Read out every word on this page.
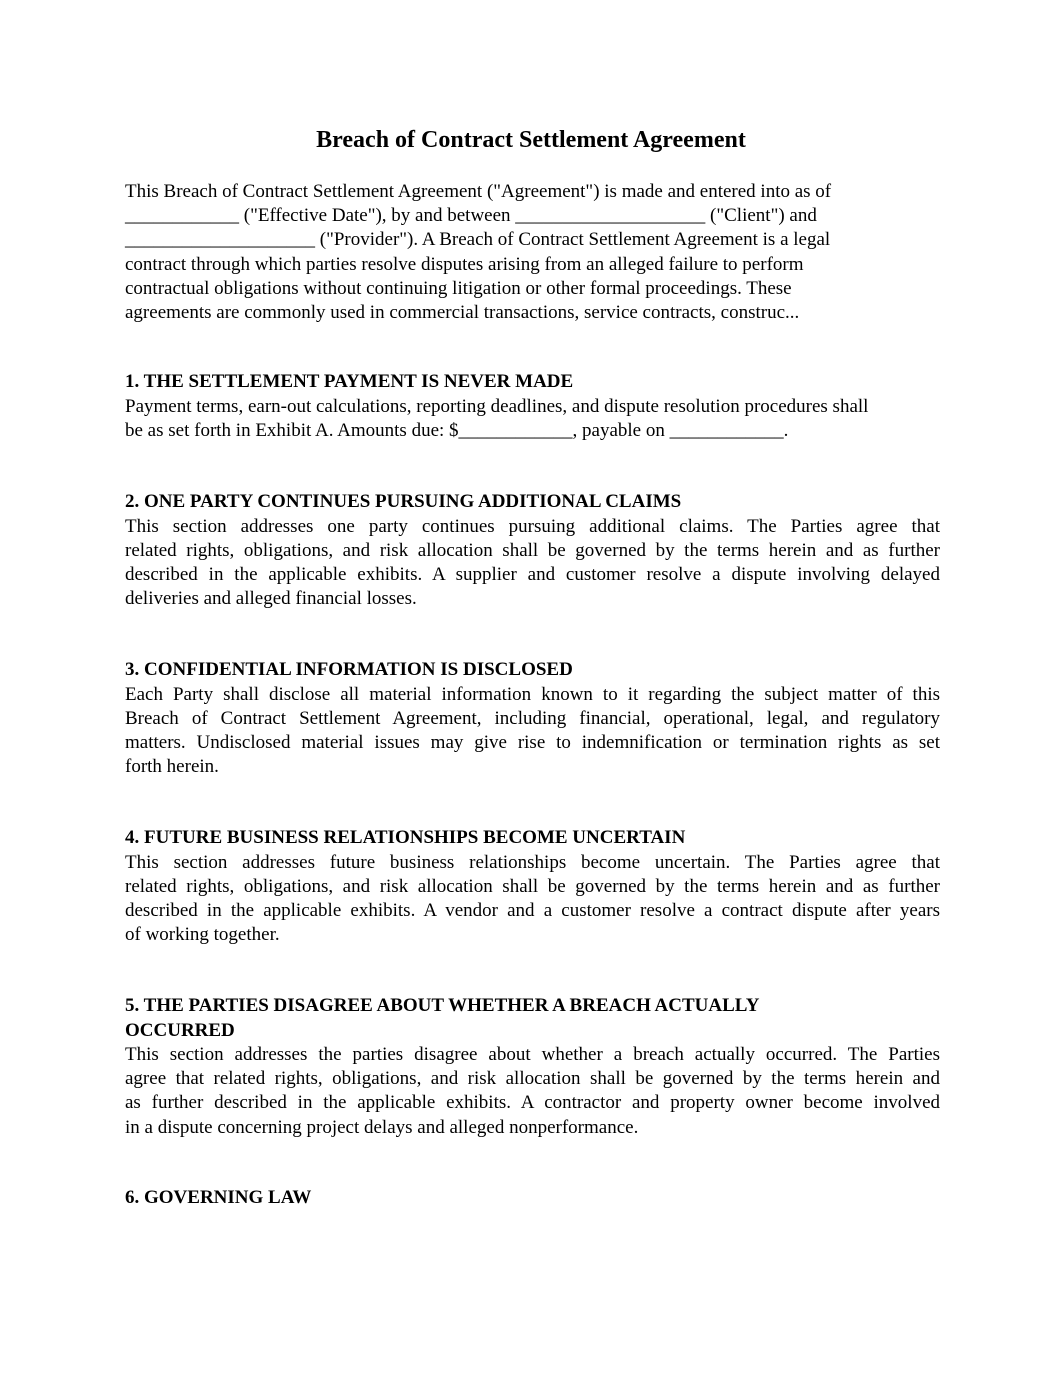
Breach of Contract Settlement Agreement
This Breach of Contract Settlement Agreement ("Agreement") is made and entered into as of
____________ ("Effective Date"), by and between ____________________ ("Client") and
____________________ ("Provider"). A Breach of Contract Settlement Agreement is a legal
contract through which parties resolve disputes arising from an alleged failure to perform
contractual obligations without continuing litigation or other formal proceedings. These
agreements are commonly used in commercial transactions, service contracts, construc...
1. THE SETTLEMENT PAYMENT IS NEVER MADE
Payment terms, earn-out calculations, reporting deadlines, and dispute resolution procedures shall
be as set forth in Exhibit A. Amounts due: $____________, payable on ____________.
2. ONE PARTY CONTINUES PURSUING ADDITIONAL CLAIMS
This section addresses one party continues pursuing additional claims. The Parties agree that
related rights, obligations, and risk allocation shall be governed by the terms herein and as further
described in the applicable exhibits. A supplier and customer resolve a dispute involving delayed
deliveries and alleged financial losses.
3. CONFIDENTIAL INFORMATION IS DISCLOSED
Each Party shall disclose all material information known to it regarding the subject matter of this
Breach of Contract Settlement Agreement, including financial, operational, legal, and regulatory
matters. Undisclosed material issues may give rise to indemnification or termination rights as set
forth herein.
4. FUTURE BUSINESS RELATIONSHIPS BECOME UNCERTAIN
This section addresses future business relationships become uncertain. The Parties agree that
related rights, obligations, and risk allocation shall be governed by the terms herein and as further
described in the applicable exhibits. A vendor and a customer resolve a contract dispute after years
of working together.
5. THE PARTIES DISAGREE ABOUT WHETHER A BREACH ACTUALLY
OCCURRED
This section addresses the parties disagree about whether a breach actually occurred. The Parties
agree that related rights, obligations, and risk allocation shall be governed by the terms herein and
as further described in the applicable exhibits. A contractor and property owner become involved
in a dispute concerning project delays and alleged nonperformance.
6. GOVERNING LAW
